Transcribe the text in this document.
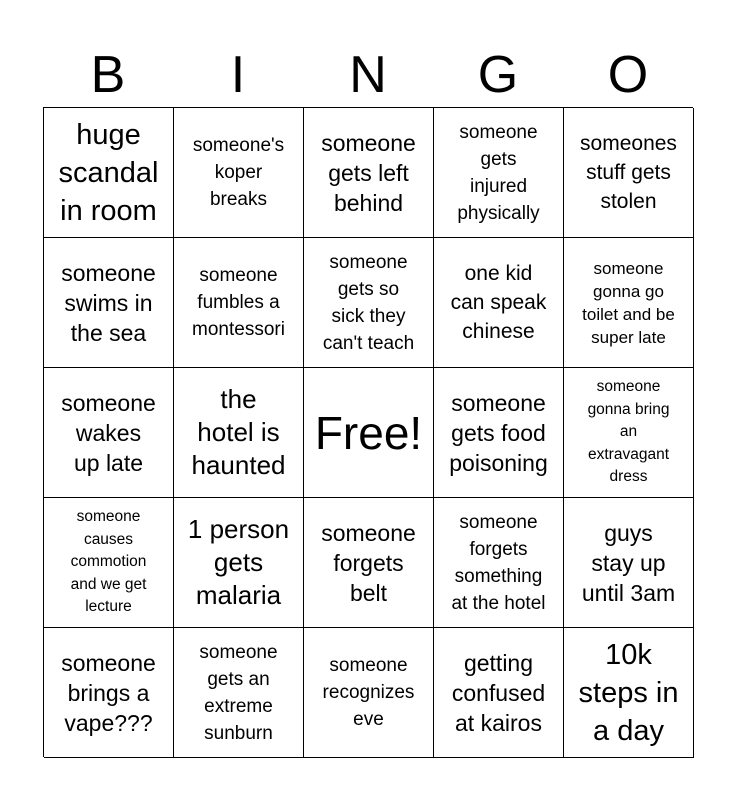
B	I	N	G	O
huge
scandal
in room
someone's
koper
breaks
someone
gets left
behind
someone
gets
injured
physically
someones
stuff gets
stolen
someone
swims in
the sea
someone
fumbles a
montessori
someone
gets so
sick they
can't teach
one kid
can speak
chinese
someone
gonna go
toilet and be
super late
someone
wakes
up late
the
hotel is
haunted
Free!
someone
gets food
poisoning
someone
gonna bring
an
extravagant
dress
someone
causes
commotion
and we get
lecture
1 person
gets
malaria
someone
forgets
belt
someone
forgets
something
at the hotel
guys
stay up
until 3am
someone
brings a
vape???
someone
gets an
extreme
sunburn
someone
recognizes
eve
getting
confused
at kairos
10k
steps in
a day
